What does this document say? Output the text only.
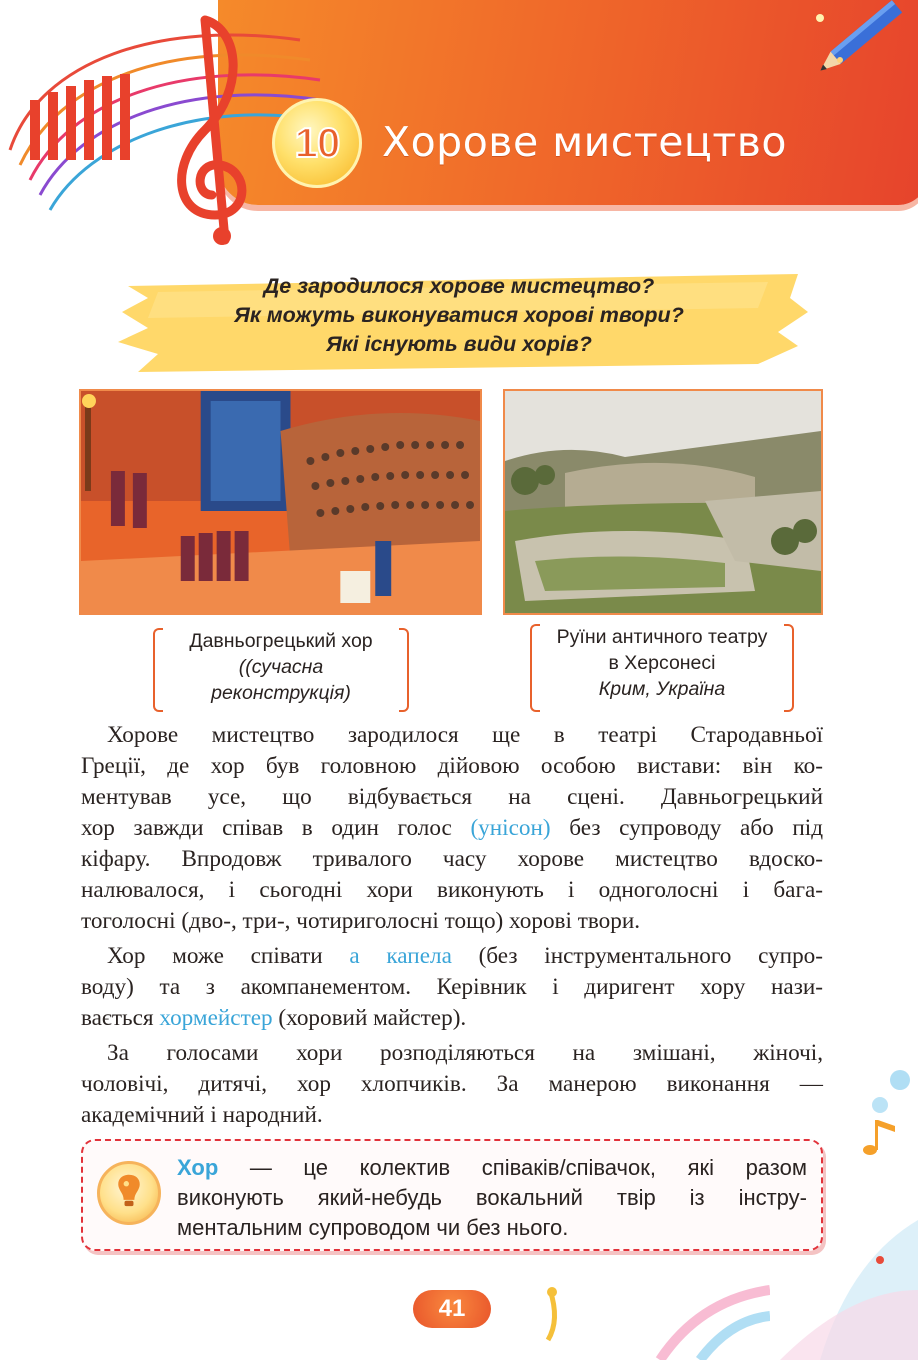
10 Хорове мистецтво
Де зародилося хорове мистецтво?
Як можуть виконуватися хорові твори?
Які існують види хорів?
Давньогрецький хор
((сучасна
реконструкція)
Руїни античного театру
в Херсонесі
Крим, Україна

Хорове мистецтво зародилося ще в театрі Стародавньої
Греції, де хор був головною дійовою особою вистави: він ко-
ментував усе, що відбувається на сцені. Давньогрецький
хор завжди співав в один голос (унісон) без супроводу або під
кіфару. Впродовж тривалого часу хорове мистецтво вдоско-
налювалося, і сьогодні хори виконують і одноголосні і бага-
тоголосні (дво-, три-, чотириголосні тощо) хорові твори.

Хор може співати а капела (без інструментального супро-
воду) та з акомпанементом. Керівник і диригент хору нази-
вається хормейстер (хоровий майстер).

За голосами хори розподіляються на змішані, жіночі,
чоловічі, дитячі, хор хлопчиків. За манерою виконання —
академічний і народний.

Хор — це колектив співаків/співачок, які разом
виконують який-небудь вокальний твір із інстру-
ментальним супроводом чи без нього.
41
